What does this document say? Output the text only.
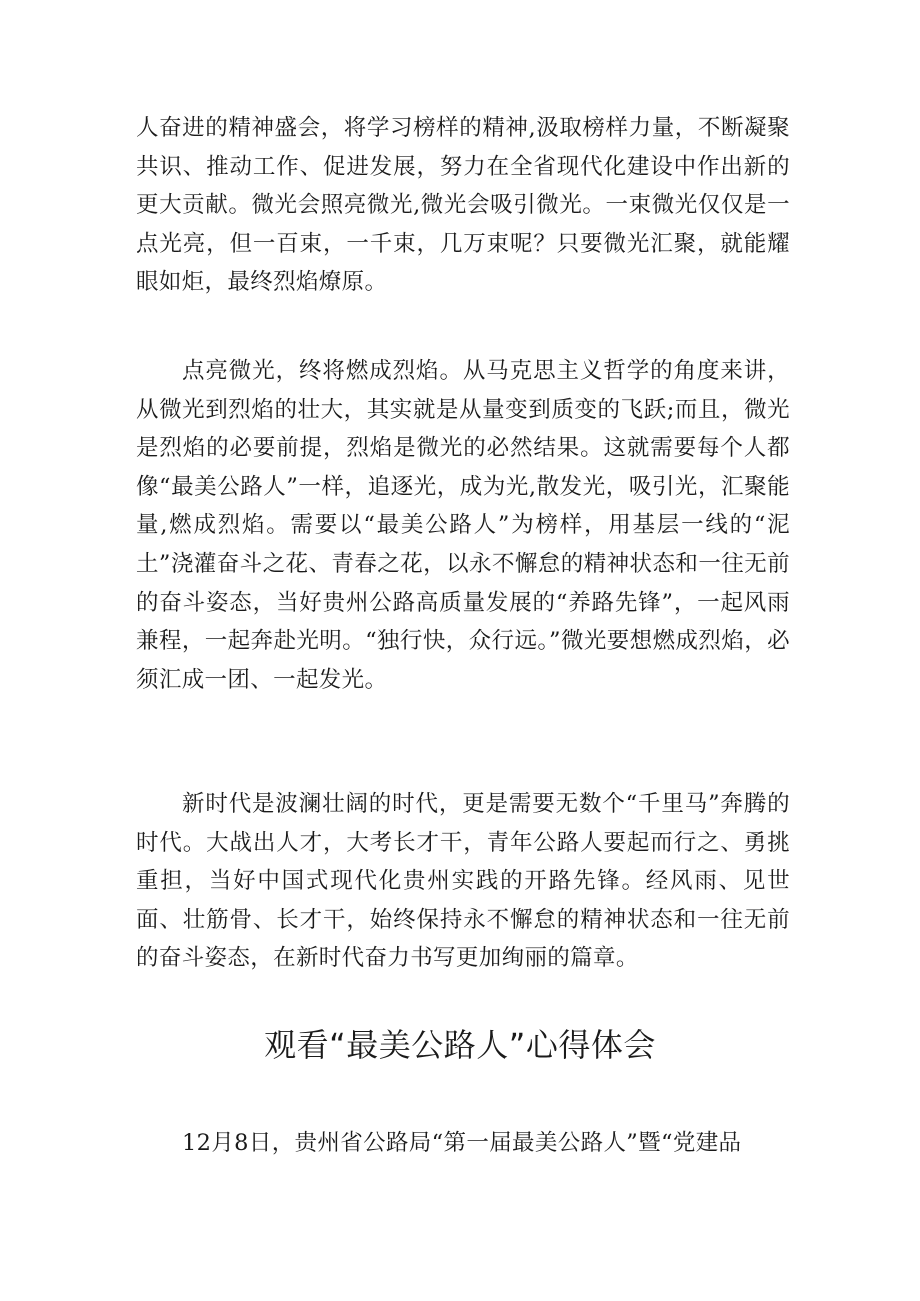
人奋进的精神盛会，将学习榜样的精神,汲取榜样力量，不断凝聚共识、推动工作、促进发展，努力在全省现代化建设中作出新的更大贡献。微光会照亮微光,微光会吸引微光。一束微光仅仅是一点光亮，但一百束，一千束，几万束呢？只要微光汇聚，就能耀眼如炬，最终烈焰燎原。

点亮微光，终将燃成烈焰。从马克思主义哲学的角度来讲，从微光到烈焰的壮大，其实就是从量变到质变的飞跃;而且，微光是烈焰的必要前提，烈焰是微光的必然结果。这就需要每个人都像“最美公路人”一样，追逐光，成为光,散发光，吸引光，汇聚能量,燃成烈焰。需要以“最美公路人”为榜样，用基层一线的“泥土”浇灌奋斗之花、青春之花，以永不懈怠的精神状态和一往无前的奋斗姿态，当好贵州公路高质量发展的“养路先锋”，一起风雨兼程，一起奔赴光明。“独行快，众行远。”微光要想燃成烈焰，必须汇成一团、一起发光。

新时代是波澜壮阔的时代，更是需要无数个“千里马”奔腾的时代。大战出人才，大考长才干，青年公路人要起而行之、勇挑重担，当好中国式现代化贵州实践的开路先锋。经风雨、见世面、壮筋骨、长才干，始终保持永不懈怠的精神状态和一往无前的奋斗姿态，在新时代奋力书写更加绚丽的篇章。

观看“最美公路人”心得体会

12月8日，贵州省公路局“第一届最美公路人”暨“党建品
